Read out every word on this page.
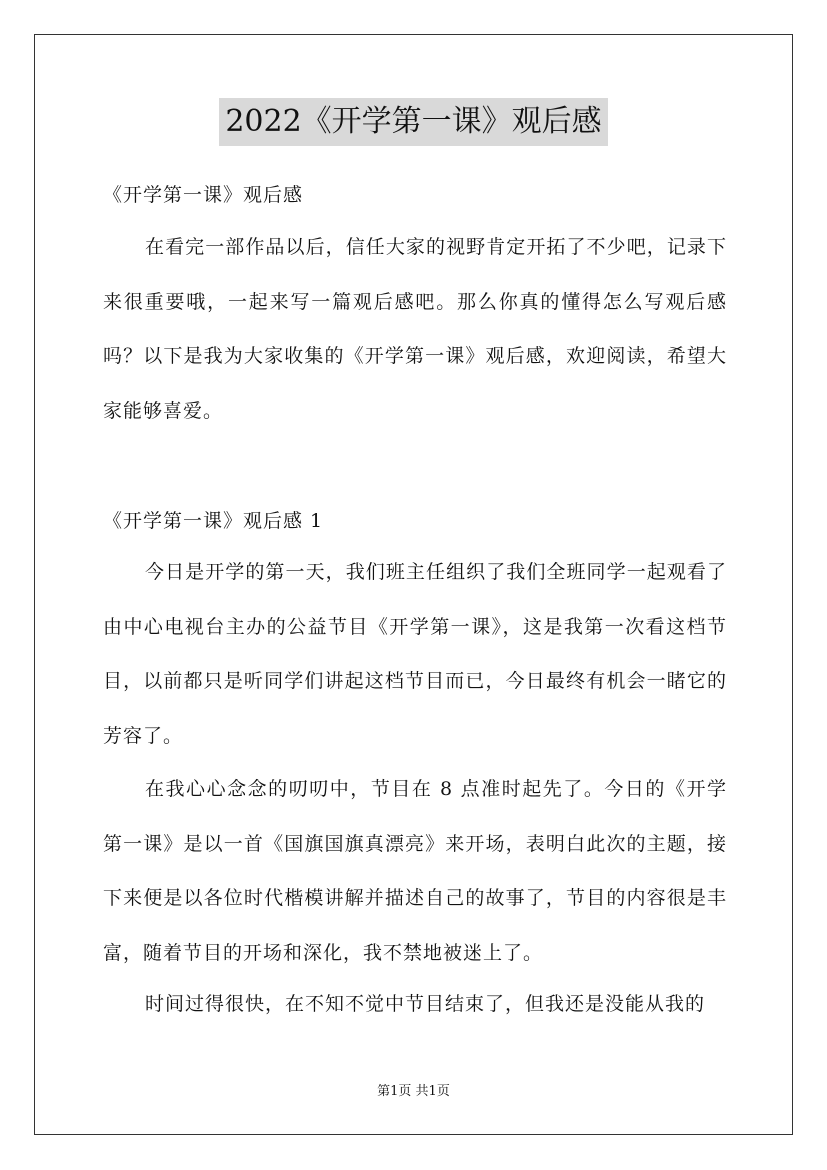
2022《开学第一课》观后感
《开学第一课》观后感
在看完一部作品以后，信任大家的视野肯定开拓了不少吧，记录下来很重要哦，一起来写一篇观后感吧。那么你真的懂得怎么写观后感吗？以下是我为大家收集的《开学第一课》观后感，欢迎阅读，希望大家能够喜爱。
《开学第一课》观后感 1
今日是开学的第一天，我们班主任组织了我们全班同学一起观看了由中心电视台主办的公益节目《开学第一课》，这是我第一次看这档节目，以前都只是听同学们讲起这档节目而已，今日最终有机会一睹它的芳容了。
在我心心念念的叨叨中，节目在 8 点准时起先了。今日的《开学第一课》是以一首《国旗国旗真漂亮》来开场，表明白此次的主题，接下来便是以各位时代楷模讲解并描述自己的故事了，节目的内容很是丰富，随着节目的开场和深化，我不禁地被迷上了。
时间过得很快，在不知不觉中节目结束了，但我还是没能从我的
第1页 共1页
